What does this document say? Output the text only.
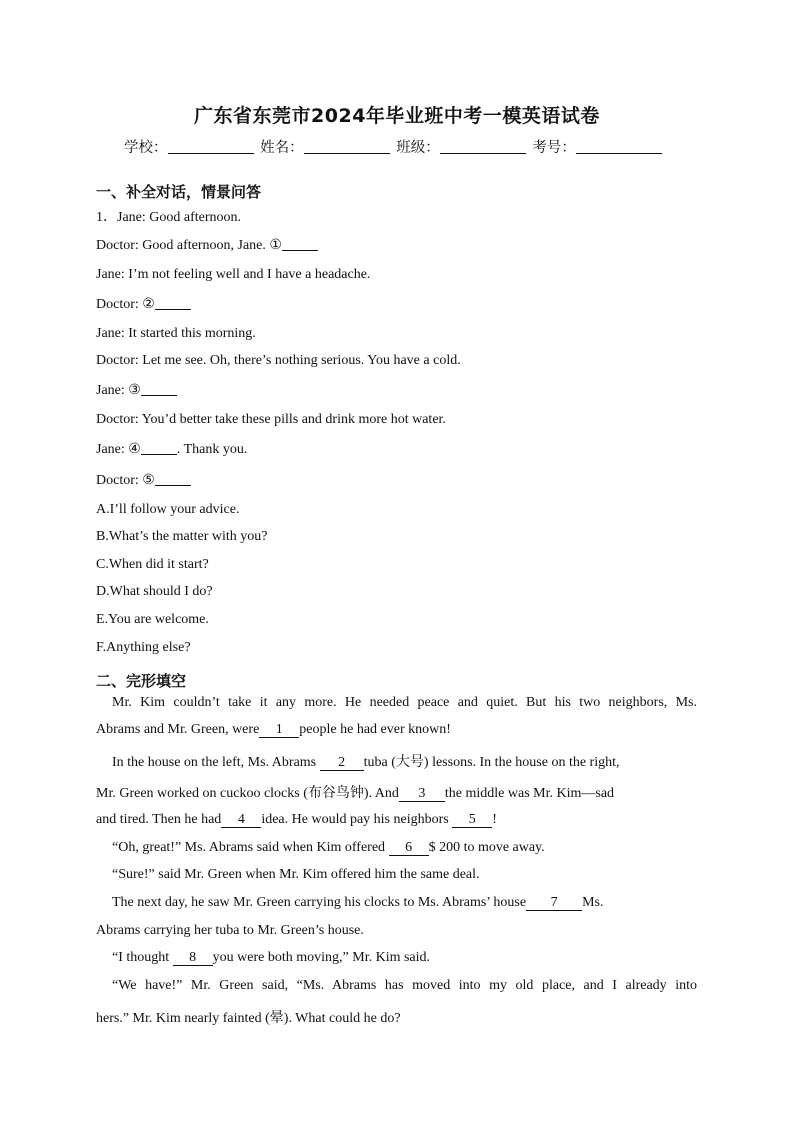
广东省东莞市2024年毕业班中考一模英语试卷
学校：	姓名：	班级：	考号：
一、补全对话，情景问答
1．Jane: Good afternoon.
Doctor: Good afternoon, Jane. ①
Jane: I’m not feeling well and I have a headache.
Doctor: ②
Jane: It started this morning.
Doctor: Let me see. Oh, there’s nothing serious. You have a cold.
Jane: ③
Doctor: You’d better take these pills and drink more hot water.
Jane: ④	. Thank you.
Doctor: ⑤
A.I’ll follow your advice.
B.What’s the matter with you?
C.When did it start?
D.What should I do?
E.You are welcome.
F.Anything else?
二、完形填空
Mr. Kim couldn’t take it any more. He needed peace and quiet. But his two neighbors, Ms.
Abrams and Mr. Green, were 1 people he had ever known!
In the house on the left, Ms. Abrams 2 tuba (大号) lessons. In the house on the right,
Mr. Green worked on cuckoo clocks (布谷鸟钟). And 3 the middle was Mr. Kim—sad
and tired. Then he had 4 idea. He would pay his neighbors 5 !
“Oh, great!” Ms. Abrams said when Kim offered 6 $ 200 to move away.
“Sure!” said Mr. Green when Mr. Kim offered him the same deal.
The next day, he saw Mr. Green carrying his clocks to Ms. Abrams’ house 7 Ms.
Abrams carrying her tuba to Mr. Green’s house.
“I thought 8 you were both moving,” Mr. Kim said.
“We have!” Mr. Green said, “Ms. Abrams has moved into my old place, and I already into
hers.” Mr. Kim nearly fainted (晕). What could he do?
